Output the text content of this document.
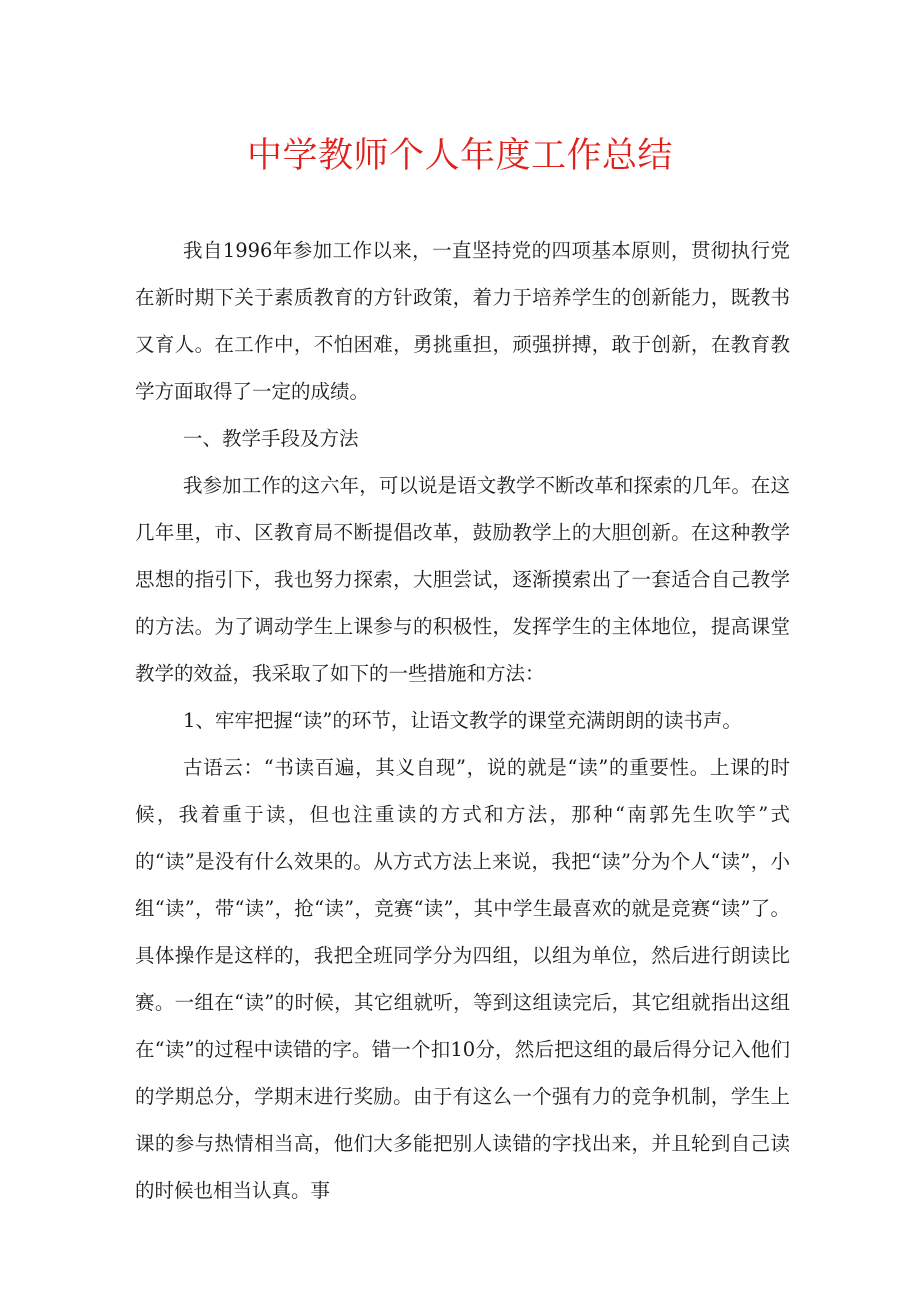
中学教师个人年度工作总结

我自1996年参加工作以来，一直坚持党的四项基本原则，贯彻执行党在新时期下关于素质教育的方针政策，着力于培养学生的创新能力，既教书又育人。在工作中，不怕困难，勇挑重担，顽强拼搏，敢于创新，在教育教学方面取得了一定的成绩。

一、教学手段及方法

我参加工作的这六年，可以说是语文教学不断改革和探索的几年。在这几年里，市、区教育局不断提倡改革，鼓励教学上的大胆创新。在这种教学思想的指引下，我也努力探索，大胆尝试，逐渐摸索出了一套适合自己教学的方法。为了调动学生上课参与的积极性，发挥学生的主体地位，提高课堂教学的效益，我采取了如下的一些措施和方法：

1、牢牢把握“读”的环节，让语文教学的课堂充满朗朗的读书声。

古语云：“书读百遍，其义自现”，说的就是“读”的重要性。上课的时候，我着重于读，但也注重读的方式和方法，那种“南郭先生吹竽”式的“读”是没有什么效果的。从方式方法上来说，我把“读”分为个人“读”，小组“读”，带“读”，抢“读”，竞赛“读”，其中学生最喜欢的就是竞赛“读”了。具体操作是这样的，我把全班同学分为四组，以组为单位，然后进行朗读比赛。一组在“读”的时候，其它组就听，等到这组读完后，其它组就指出这组在“读”的过程中读错的字。错一个扣10分，然后把这组的最后得分记入他们的学期总分，学期末进行奖励。由于有这么一个强有力的竞争机制，学生上课的参与热情相当高，他们大多能把别人读错的字找出来，并且轮到自己读的时候也相当认真。事
